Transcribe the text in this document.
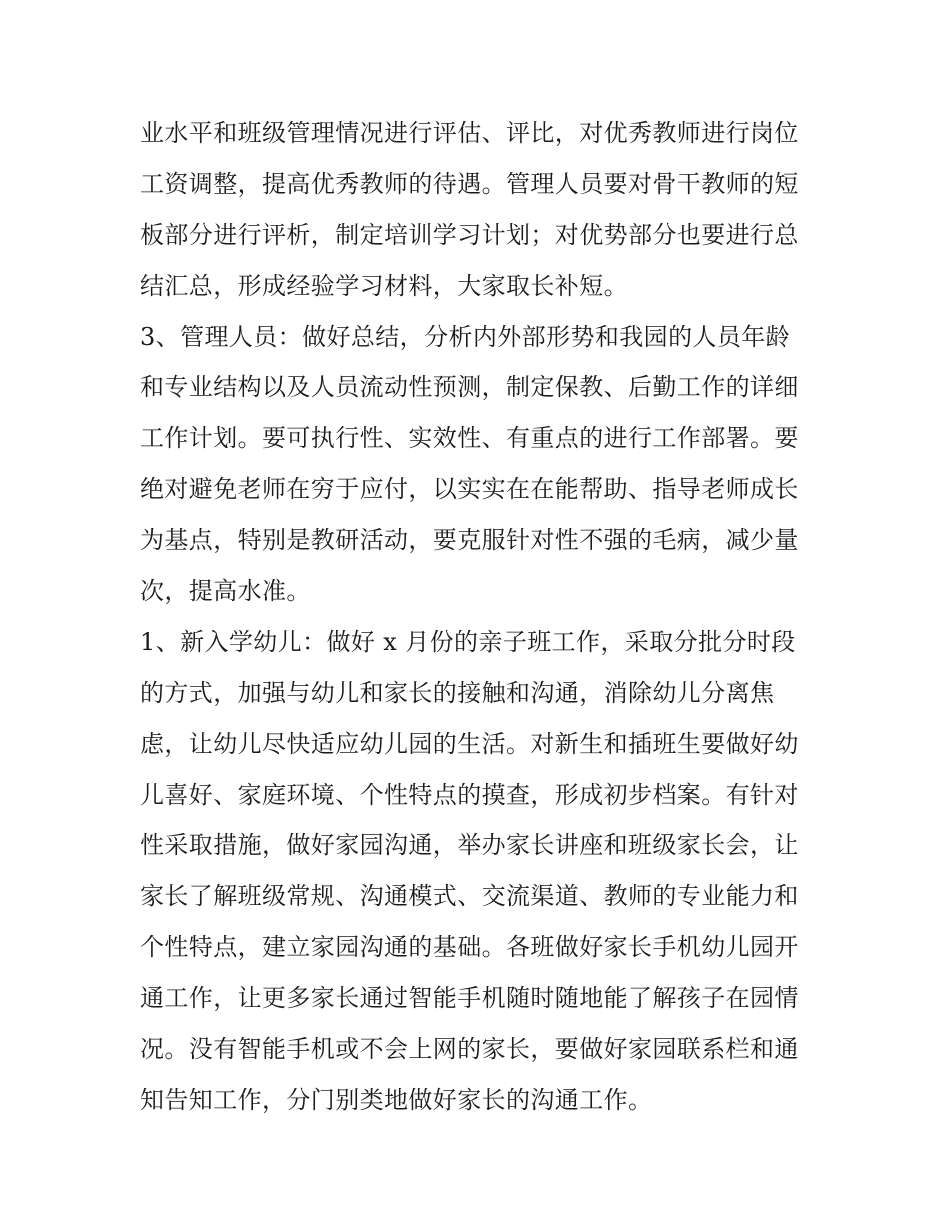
业水平和班级管理情况进行评估、评比，对优秀教师进行岗位
工资调整，提高优秀教师的待遇。管理人员要对骨干教师的短
板部分进行评析，制定培训学习计划；对优势部分也要进行总
结汇总，形成经验学习材料，大家取长补短。
3、管理人员：做好总结，分析内外部形势和我园的人员年龄
和专业结构以及人员流动性预测，制定保教、后勤工作的详细
工作计划。要可执行性、实效性、有重点的进行工作部署。要
绝对避免老师在穷于应付，以实实在在能帮助、指导老师成长
为基点，特别是教研活动，要克服针对性不强的毛病，减少量
次，提高水准。
1、新入学幼儿：做好 x 月份的亲子班工作，采取分批分时段
的方式，加强与幼儿和家长的接触和沟通，消除幼儿分离焦
虑，让幼儿尽快适应幼儿园的生活。对新生和插班生要做好幼
儿喜好、家庭环境、个性特点的摸查，形成初步档案。有针对
性采取措施，做好家园沟通，举办家长讲座和班级家长会，让
家长了解班级常规、沟通模式、交流渠道、教师的专业能力和
个性特点，建立家园沟通的基础。各班做好家长手机幼儿园开
通工作，让更多家长通过智能手机随时随地能了解孩子在园情
况。没有智能手机或不会上网的家长，要做好家园联系栏和通
知告知工作，分门别类地做好家长的沟通工作。
